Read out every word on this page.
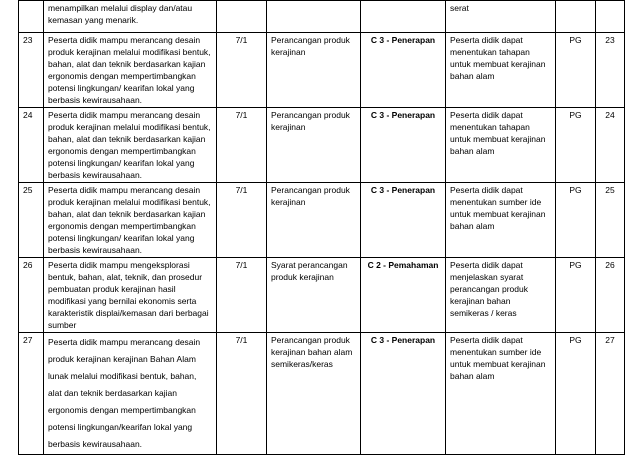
	menampilkan melalui display dan/atau kemasan yang menarik.				serat		
23	Peserta didik mampu merancang desain produk kerajinan melalui modifikasi bentuk, bahan, alat dan teknik berdasarkan kajian ergonomis dengan mempertimbangkan potensi lingkungan/ kearifan lokal yang berbasis kewirausahaan.	7/1	Perancangan produk kerajinan	C 3 - Penerapan	Peserta didik dapat menentukan tahapan untuk membuat kerajinan bahan alam	PG	23
24	Peserta didik mampu merancang desain produk kerajinan melalui modifikasi bentuk, bahan, alat dan teknik berdasarkan kajian ergonomis dengan mempertimbangkan potensi lingkungan/ kearifan lokal yang berbasis kewirausahaan.	7/1	Perancangan produk kerajinan	C 3 - Penerapan	Peserta didik dapat menentukan tahapan untuk membuat kerajinan bahan alam	PG	24
25	Peserta didik mampu merancang desain produk kerajinan melalui modifikasi bentuk, bahan, alat dan teknik berdasarkan kajian ergonomis dengan mempertimbangkan potensi lingkungan/ kearifan lokal yang berbasis kewirausahaan.	7/1	Perancangan produk kerajinan	C 3 - Penerapan	Peserta didik dapat menentukan sumber ide untuk membuat kerajinan bahan alam	PG	25
26	Peserta didik mampu mengeksplorasi bentuk, bahan, alat, teknik, dan prosedur pembuatan produk kerajinan hasil modifikasi yang bernilai ekonomis serta karakteristik displai/kemasan dari berbagai sumber	7/1	Syarat perancangan produk kerajinan	C 2 - Pemahaman	Peserta didik dapat menjelaskan syarat perancangan produk kerajinan bahan semikeras / keras	PG	26
27	Peserta didik mampu merancang desain produk kerajinan kerajinan Bahan Alam lunak melalui modifikasi bentuk, bahan, alat dan teknik berdasarkan kajian ergonomis dengan mempertimbangkan potensi lingkungan/kearifan lokal yang berbasis kewirausahaan.	7/1	Perancangan produk kerajinan bahan alam semikeras/keras	C 3 - Penerapan	Peserta didik dapat menentukan sumber ide untuk membuat kerajinan bahan alam	PG	27
